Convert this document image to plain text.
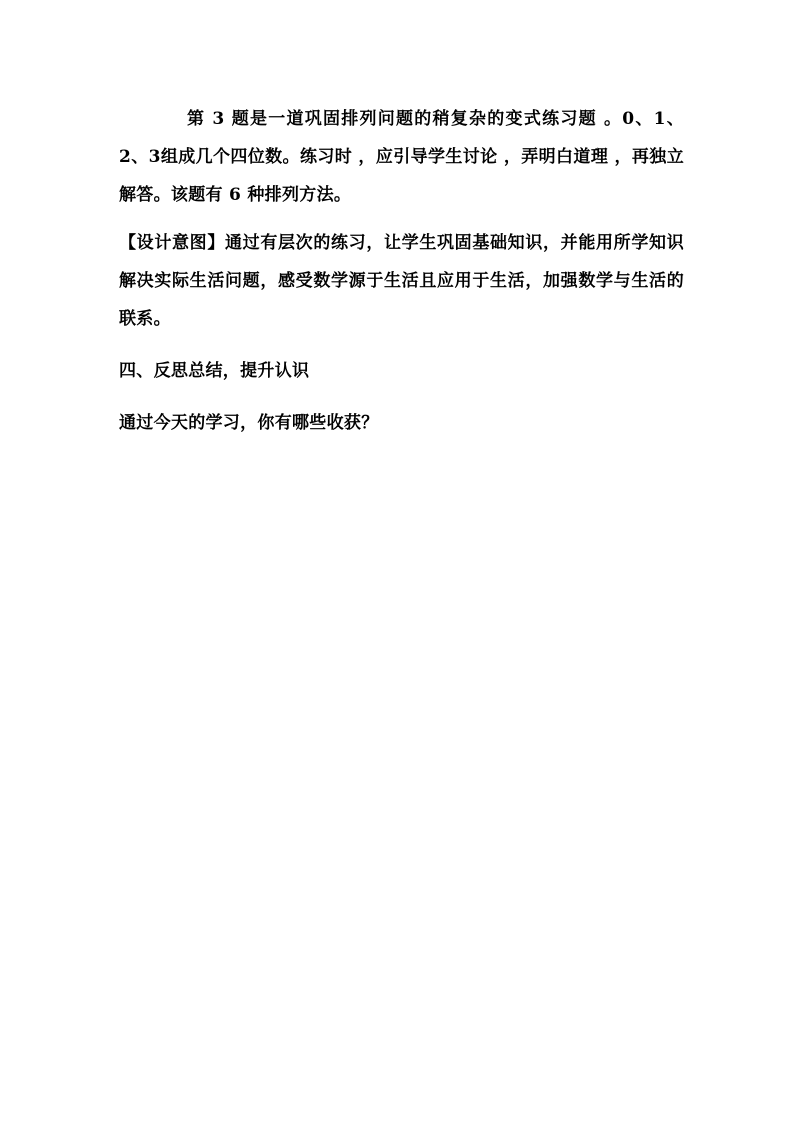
第 3 题是一道巩固排列问题的稍复杂的变式练习题 。0、1、2、3组成几个四位数。练习时 ，应引导学生讨论 ，弄明白道理 ，再独立解答。该题有 6 种排列方法。

【设计意图】通过有层次的练习，让学生巩固基础知识，并能用所学知识解决实际生活问题，感受数学源于生活且应用于生活，加强数学与生活的联系。

四、反思总结，提升认识

通过今天的学习，你有哪些收获？
